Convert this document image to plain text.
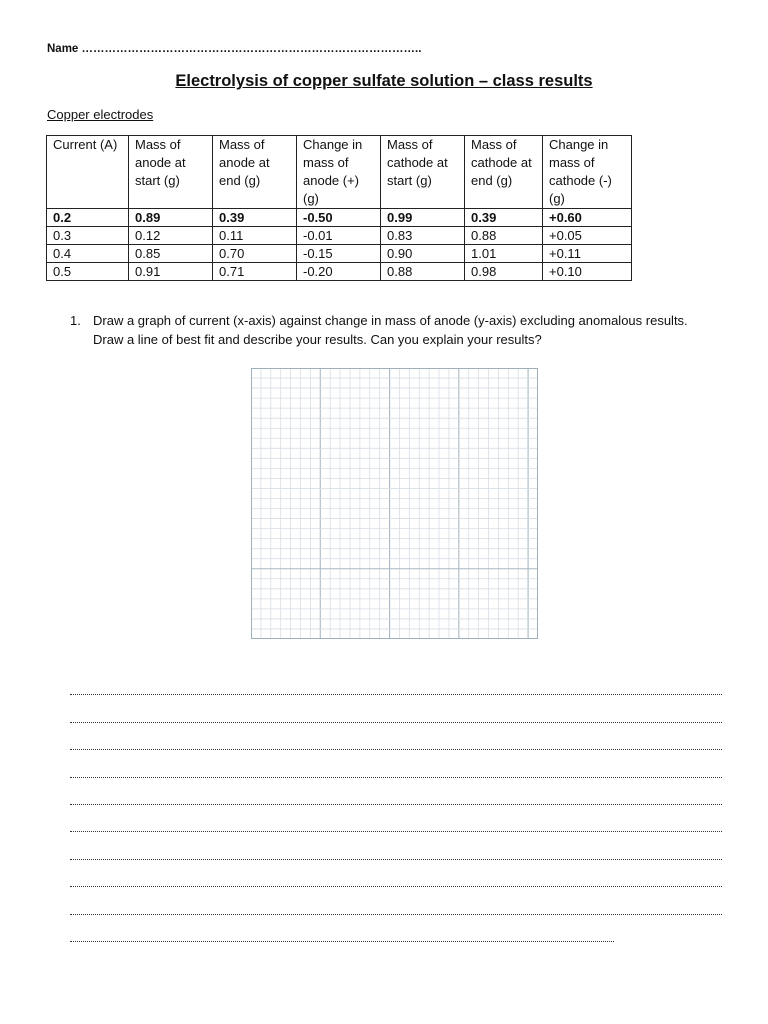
Name ……………………………………………………………………………..
Electrolysis of copper sulfate solution – class results
Copper electrodes
Current (A)	Mass of anode at start (g)	Mass of anode at end (g)	Change in mass of anode (+) (g)	Mass of cathode at start (g)	Mass of cathode at end (g)	Change in mass of cathode (-) (g)
0.2	0.89	0.39	-0.50	0.99	0.39	+0.60
0.3	0.12	0.11	-0.01	0.83	0.88	+0.05
0.4	0.85	0.70	-0.15	0.90	1.01	+0.11
0.5	0.91	0.71	-0.20	0.88	0.98	+0.10
1. Draw a graph of current (x-axis) against change in mass of anode (y-axis) excluding anomalous results. Draw a line of best fit and describe your results. Can you explain your results?
